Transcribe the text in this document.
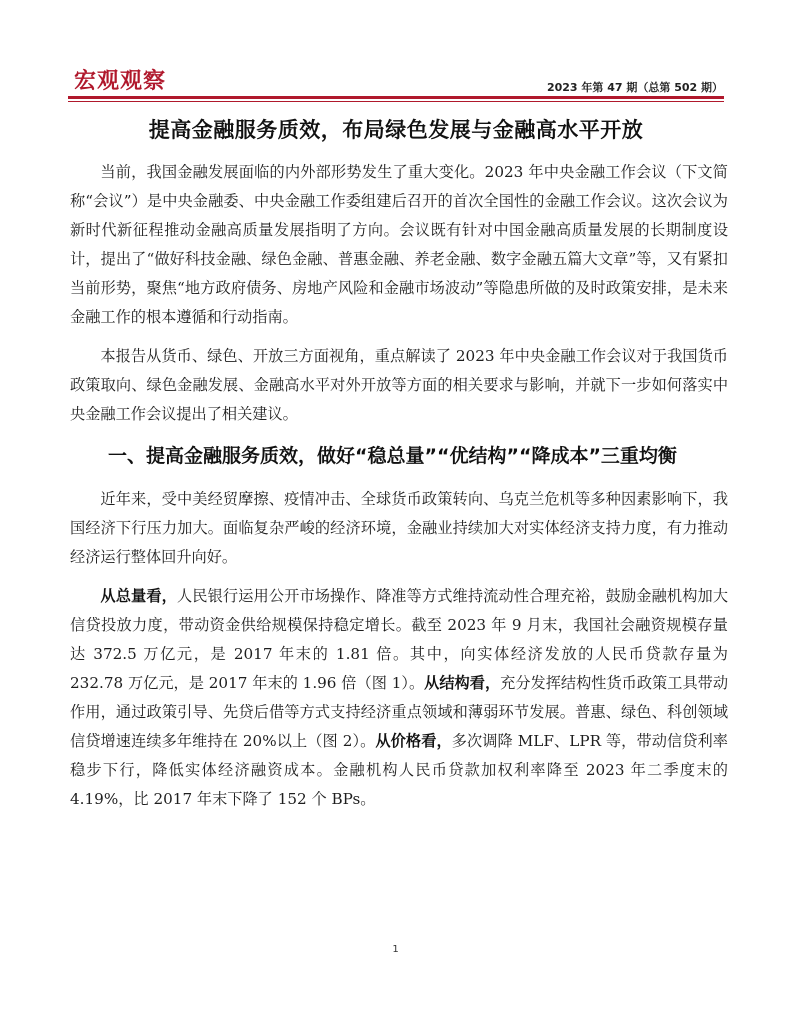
宏观观察	2023 年第 47 期（总第 502 期）
提高金融服务质效，布局绿色发展与金融高水平开放

当前，我国金融发展面临的内外部形势发生了重大变化。2023 年中央金融工作会议（下文简称“会议”）是中央金融委、中央金融工作委组建后召开的首次全国性的金融工作会议。这次会议为新时代新征程推动金融高质量发展指明了方向。会议既有针对中国金融高质量发展的长期制度设计，提出了“做好科技金融、绿色金融、普惠金融、养老金融、数字金融五篇大文章”等，又有紧扣当前形势，聚焦“地方政府债务、房地产风险和金融市场波动”等隐患所做的及时政策安排，是未来金融工作的根本遵循和行动指南。

本报告从货币、绿色、开放三方面视角，重点解读了 2023 年中央金融工作会议对于我国货币政策取向、绿色金融发展、金融高水平对外开放等方面的相关要求与影响，并就下一步如何落实中央金融工作会议提出了相关建议。

一、提高金融服务质效，做好“稳总量”“优结构”“降成本”三重均衡

近年来，受中美经贸摩擦、疫情冲击、全球货币政策转向、乌克兰危机等多种因素影响下，我国经济下行压力加大。面临复杂严峻的经济环境，金融业持续加大对实体经济支持力度，有力推动经济运行整体回升向好。

从总量看，人民银行运用公开市场操作、降准等方式维持流动性合理充裕，鼓励金融机构加大信贷投放力度，带动资金供给规模保持稳定增长。截至 2023 年 9 月末，我国社会融资规模存量达 372.5 万亿元，是 2017 年末的 1.81 倍。其中，向实体经济发放的人民币贷款存量为 232.78 万亿元，是 2017 年末的 1.96 倍（图 1）。从结构看，充分发挥结构性货币政策工具带动作用，通过政策引导、先贷后借等方式支持经济重点领域和薄弱环节发展。普惠、绿色、科创领域信贷增速连续多年维持在 20%以上（图 2）。从价格看，多次调降 MLF、LPR 等，带动信贷利率稳步下行，降低实体经济融资成本。金融机构人民币贷款加权利率降至 2023 年二季度末的 4.19%，比 2017 年末下降了 152 个 BPs。

1
